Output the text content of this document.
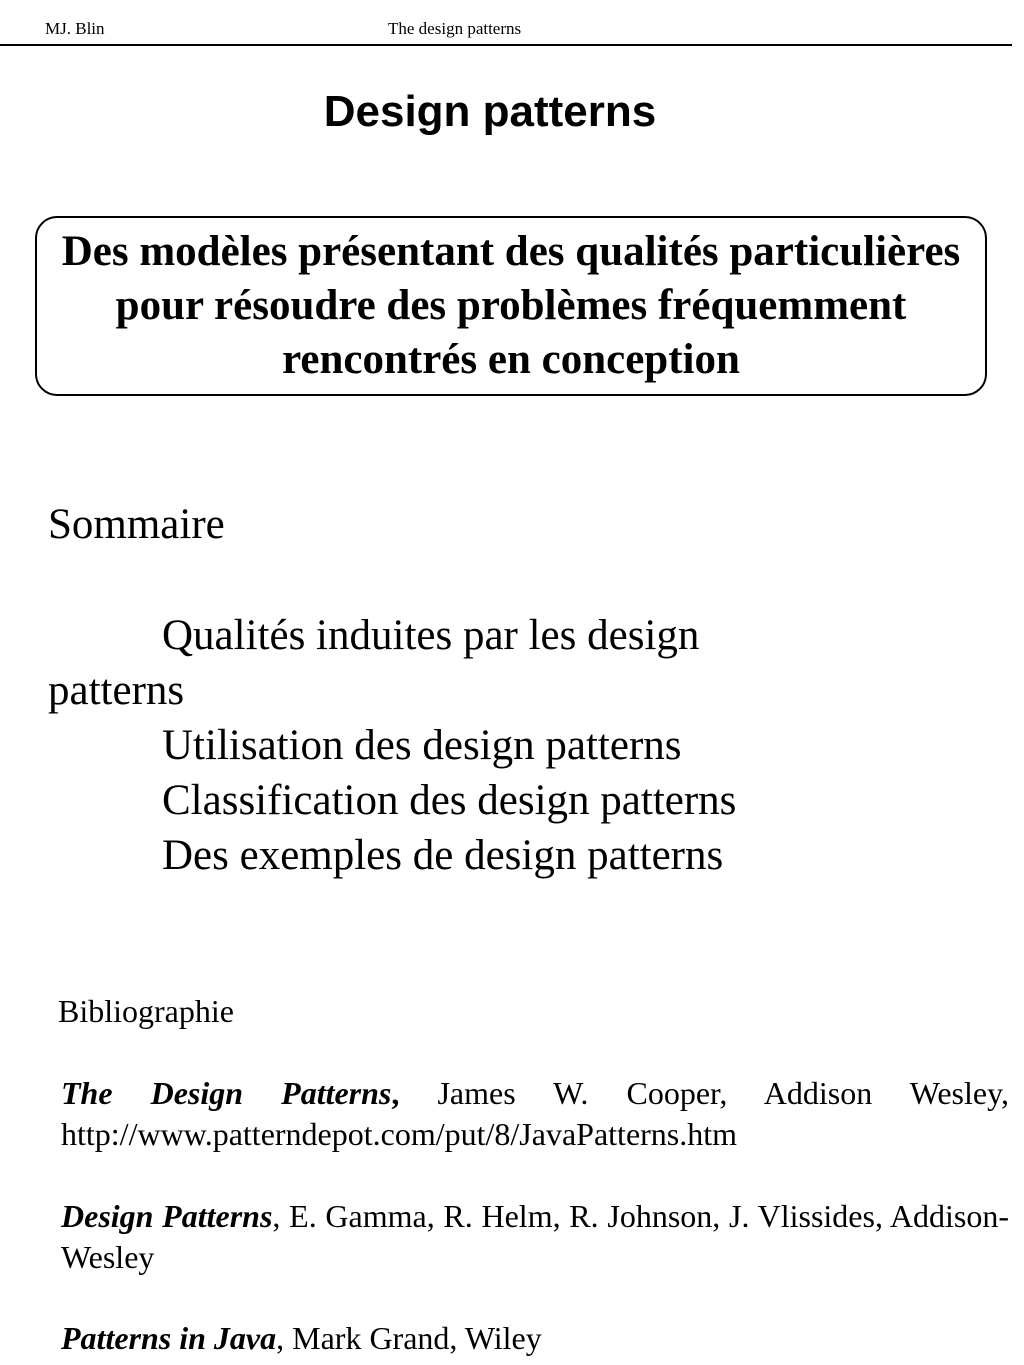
MJ. Blin	The design patterns
Design patterns
Des modèles présentant des qualités particulières pour résoudre des problèmes fréquemment rencontrés en conception
Sommaire
Qualités induites par les design patterns
Utilisation des design patterns
Classification des design patterns
Des exemples de design patterns
Bibliographie
The Design Patterns, James W. Cooper, Addison Wesley, http://www.patterndepot.com/put/8/JavaPatterns.htm
Design Patterns, E. Gamma, R. Helm, R. Johnson, J. Vlissides, Addison-Wesley
Patterns in Java, Mark Grand, Wiley
